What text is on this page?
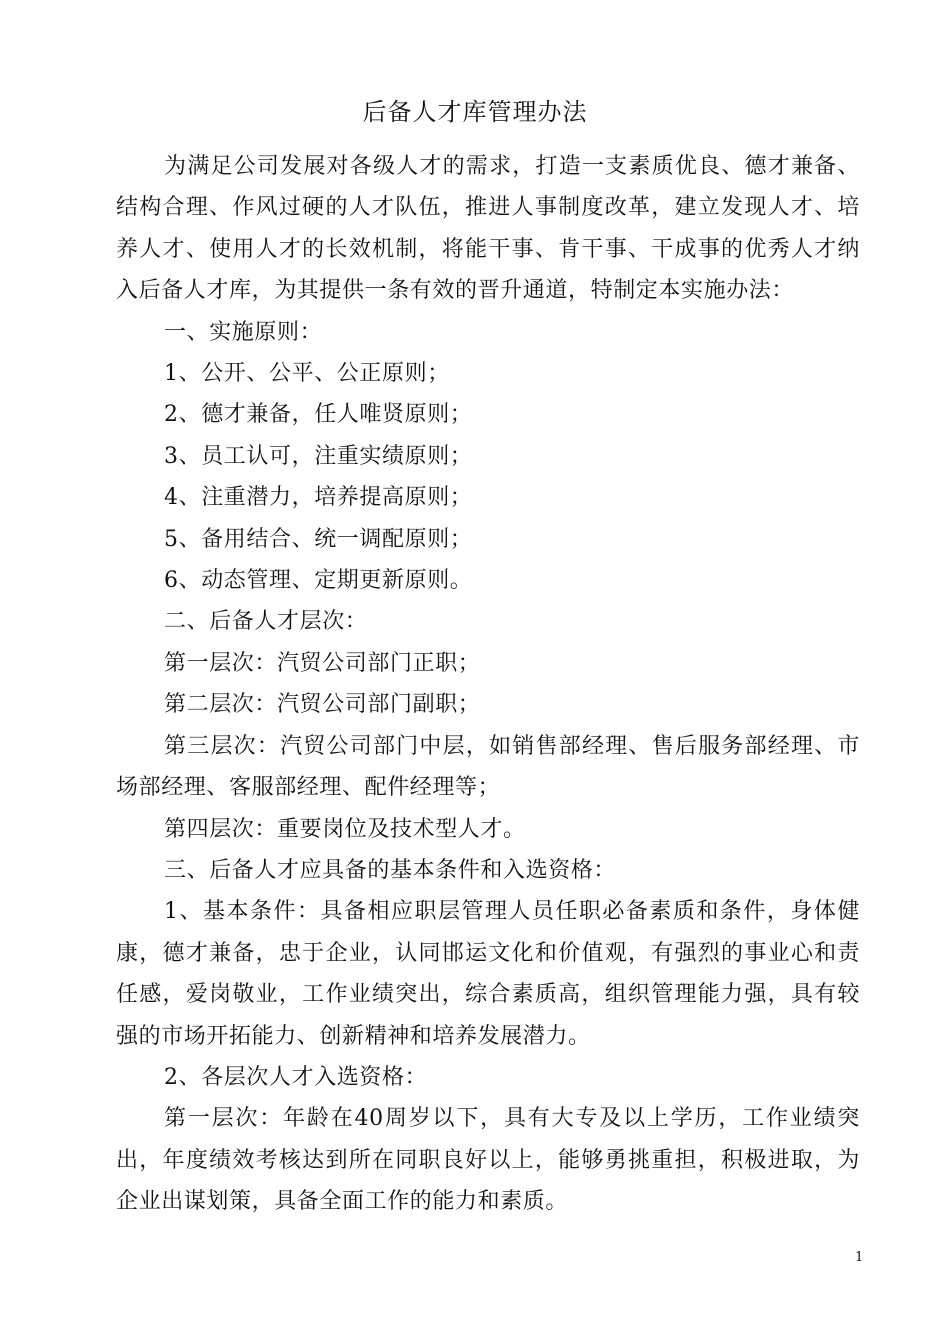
后备人才库管理办法

为满足公司发展对各级人才的需求，打造一支素质优良、德才兼备、结构合理、作风过硬的人才队伍，推进人事制度改革，建立发现人才、培养人才、使用人才的长效机制，将能干事、肯干事、干成事的优秀人才纳入后备人才库，为其提供一条有效的晋升通道，特制定本实施办法：

一、实施原则：

1、公开、公平、公正原则；

2、德才兼备，任人唯贤原则；

3、员工认可，注重实绩原则；

4、注重潜力，培养提高原则；

5、备用结合、统一调配原则；

6、动态管理、定期更新原则。

二、后备人才层次：

第一层次：汽贸公司部门正职；

第二层次：汽贸公司部门副职；

第三层次：汽贸公司部门中层，如销售部经理、售后服务部经理、市场部经理、客服部经理、配件经理等；

第四层次：重要岗位及技术型人才。

三、后备人才应具备的基本条件和入选资格：

1、基本条件：具备相应职层管理人员任职必备素质和条件，身体健康，德才兼备，忠于企业，认同邯运文化和价值观，有强烈的事业心和责任感，爱岗敬业，工作业绩突出，综合素质高，组织管理能力强，具有较强的市场开拓能力、创新精神和培养发展潜力。

2、各层次人才入选资格：

第一层次：年龄在40周岁以下，具有大专及以上学历，工作业绩突出，年度绩效考核达到所在同职良好以上，能够勇挑重担，积极进取，为企业出谋划策，具备全面工作的能力和素质。

1
